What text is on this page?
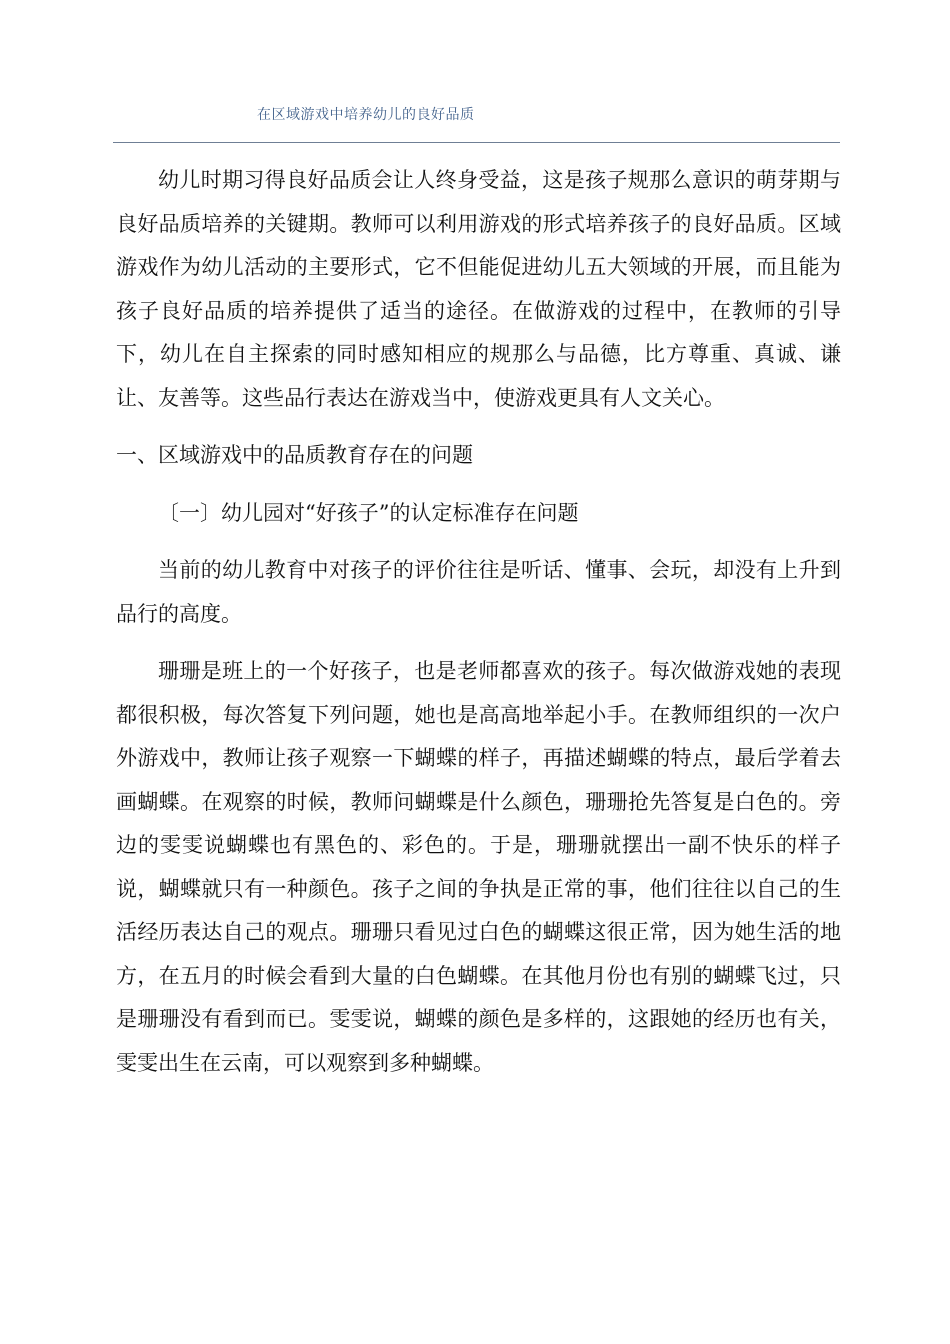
在区域游戏中培养幼儿的良好品质

幼儿时期习得良好品质会让人终身受益，这是孩子规那么意识的萌芽期与良好品质培养的关键期。教师可以利用游戏的形式培养孩子的良好品质。区域游戏作为幼儿活动的主要形式，它不但能促进幼儿五大领域的开展，而且能为孩子良好品质的培养提供了适当的途径。在做游戏的过程中，在教师的引导下，幼儿在自主探索的同时感知相应的规那么与品德，比方尊重、真诚、谦让、友善等。这些品行表达在游戏当中，使游戏更具有人文关心。

一、区域游戏中的品质教育存在的问题

〔一〕幼儿园对“好孩子”的认定标准存在问题

当前的幼儿教育中对孩子的评价往往是听话、懂事、会玩，却没有上升到品行的高度。

珊珊是班上的一个好孩子，也是老师都喜欢的孩子。每次做游戏她的表现都很积极，每次答复下列问题，她也是高高地举起小手。在教师组织的一次户外游戏中，教师让孩子观察一下蝴蝶的样子，再描述蝴蝶的特点，最后学着去画蝴蝶。在观察的时候，教师问蝴蝶是什么颜色，珊珊抢先答复是白色的。旁边的雯雯说蝴蝶也有黑色的、彩色的。于是，珊珊就摆出一副不快乐的样子说，蝴蝶就只有一种颜色。孩子之间的争执是正常的事，他们往往以自己的生活经历表达自己的观点。珊珊只看见过白色的蝴蝶这很正常，因为她生活的地方，在五月的时候会看到大量的白色蝴蝶。在其他月份也有别的蝴蝶飞过，只是珊珊没有看到而已。雯雯说，蝴蝶的颜色是多样的，这跟她的经历也有关，雯雯出生在云南，可以观察到多种蝴蝶。
